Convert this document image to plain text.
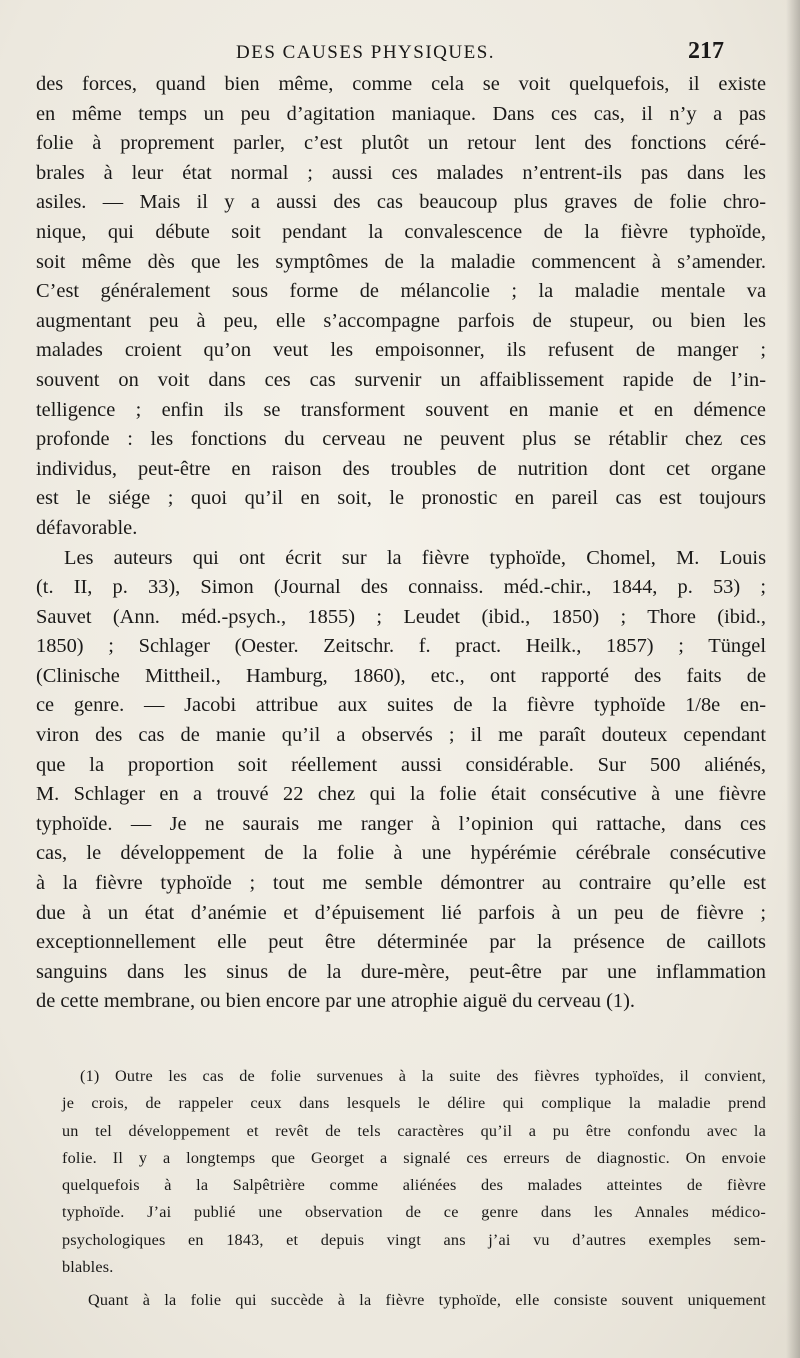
DES CAUSES PHYSIQUES.	217
des forces, quand bien même, comme cela se voit quelquefois, il existe
en même temps un peu d’agitation maniaque. Dans ces cas, il n’y a pas
folie à proprement parler, c’est plutôt un retour lent des fonctions céré-
brales à leur état normal ; aussi ces malades n’entrent-ils pas dans les
asiles. — Mais il y a aussi des cas beaucoup plus graves de folie chro-
nique, qui débute soit pendant la convalescence de la fièvre typhoïde,
soit même dès que les symptômes de la maladie commencent à s’amender.
C’est généralement sous forme de mélancolie ; la maladie mentale va
augmentant peu à peu, elle s’accompagne parfois de stupeur, ou bien les
malades croient qu’on veut les empoisonner, ils refusent de manger ;
souvent on voit dans ces cas survenir un affaiblissement rapide de l’in-
telligence ; enfin ils se transforment souvent en manie et en démence
profonde : les fonctions du cerveau ne peuvent plus se rétablir chez ces
individus, peut-être en raison des troubles de nutrition dont cet organe
est le siége ; quoi qu’il en soit, le pronostic en pareil cas est toujours
défavorable.
Les auteurs qui ont écrit sur la fièvre typhoïde, Chomel, M. Louis
(t. II, p. 33), Simon (Journal des connaiss. méd.-chir., 1844, p. 53) ;
Sauvet (Ann. méd.-psych., 1855) ; Leudet (ibid., 1850) ; Thore (ibid.,
1850) ; Schlager (Oester. Zeitschr. f. pract. Heilk., 1857) ; Tüngel
(Clinische Mittheil., Hamburg, 1860), etc., ont rapporté des faits de
ce genre. — Jacobi attribue aux suites de la fièvre typhoïde 1/8e en-
viron des cas de manie qu’il a observés ; il me paraît douteux cependant
que la proportion soit réellement aussi considérable. Sur 500 aliénés,
M. Schlager en a trouvé 22 chez qui la folie était consécutive à une fièvre
typhoïde. — Je ne saurais me ranger à l’opinion qui rattache, dans ces
cas, le développement de la folie à une hypérémie cérébrale consécutive
à la fièvre typhoïde ; tout me semble démontrer au contraire qu’elle est
due à un état d’anémie et d’épuisement lié parfois à un peu de fièvre ;
exceptionnellement elle peut être déterminée par la présence de caillots
sanguins dans les sinus de la dure-mère, peut-être par une inflammation
de cette membrane, ou bien encore par une atrophie aiguë du cerveau (1).
(1) Outre les cas de folie survenues à la suite des fièvres typhoïdes, il convient,
je crois, de rappeler ceux dans lesquels le délire qui complique la maladie prend
un tel développement et revêt de tels caractères qu’il a pu être confondu avec la
folie. Il y a longtemps que Georget a signalé ces erreurs de diagnostic. On envoie
quelquefois à la Salpêtrière comme aliénées des malades atteintes de fièvre
typhoïde. J’ai publié une observation de ce genre dans les Annales médico-
psychologiques en 1843, et depuis vingt ans j’ai vu d’autres exemples sem-
blables.
Quant à la folie qui succède à la fièvre typhoïde, elle consiste souvent uniquement
